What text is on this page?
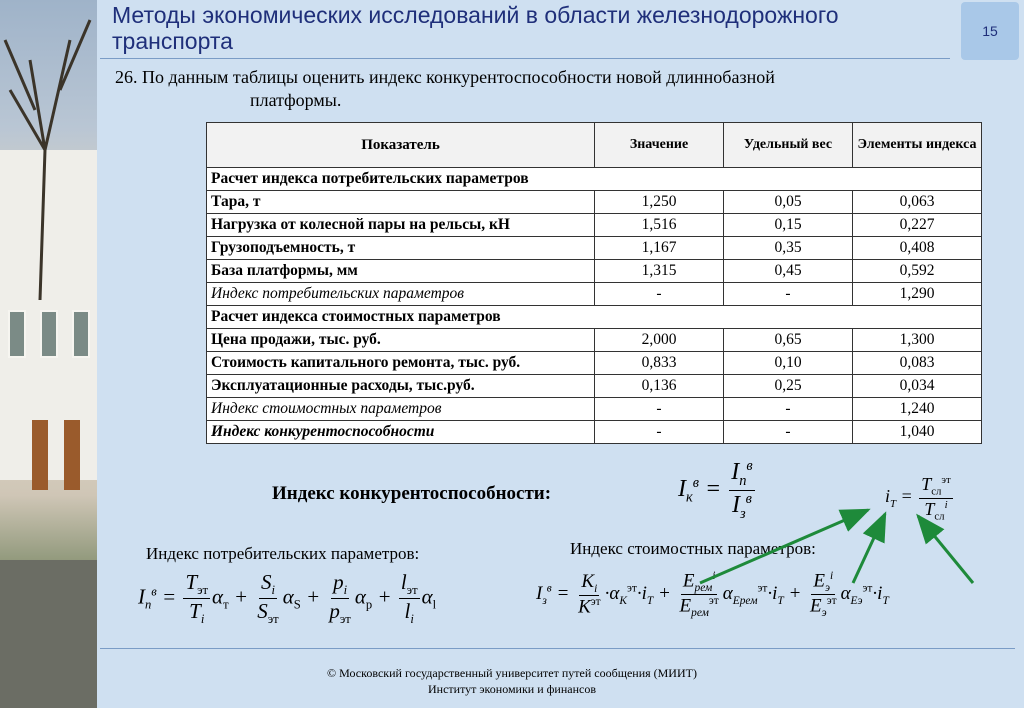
Методы экономических исследований в области железнодорожного транспорта	15
26. По данным таблицы оценить индекс конкурентоспособности новой длиннобазной
платформы.
Показатель	Значение	Удельный вес	Элементы индекса
Расчет индекса потребительских параметров			
Тара, т	1,250	0,05	0,063
Нагрузка от колесной пары на рельсы, кН	1,516	0,15	0,227
Грузоподъемность, т	1,167	0,35	0,408
База платформы, мм	1,315	0,45	0,592
Индекс потребительских параметров	-	-	1,290
Расчет индекса стоимостных параметров			
Цена продажи, тыс. руб.	2,000	0,65	1,300
Стоимость капитального ремонта, тыс. руб.	0,833	0,10	0,083
Эксплуатационные расходы, тыс.руб.	0,136	0,25	0,034
Индекс стоимостных параметров	-	-	1,240
Индекс конкурентоспособности	-	-	1,040
Индекс конкурентоспособности:	$I_к^в = \frac{I_п^в}{I_з^в}$	$i_T = \frac{T_{сл}^{эт}}{T_{сл}^i}$
Индекс потребительских параметров:	Индекс стоимостных параметров:
$I_п^в = \frac{T_{эт}}{T_i} \alpha_т + \frac{S_i}{S_{эт}} \alpha_S + \frac{p_i}{p_{эт}} \alpha_р + \frac{l_{эт}}{l_i} \alpha_l$
$I_з^в = \frac{K_i}{K^{эт}} \cdot\alpha_K^{эт}\cdot i_T + \frac{E_{рем}}{E_{рем}^{эт}} \alpha_{Ерем}^{эт}\cdot i_T + \frac{E_э^i}{E_э^{эт}} \alpha_{Еэ}^{эт}\cdot i_T$
© Московский государственный университет путей сообщения (МИИТ)
Институт экономики и финансов
